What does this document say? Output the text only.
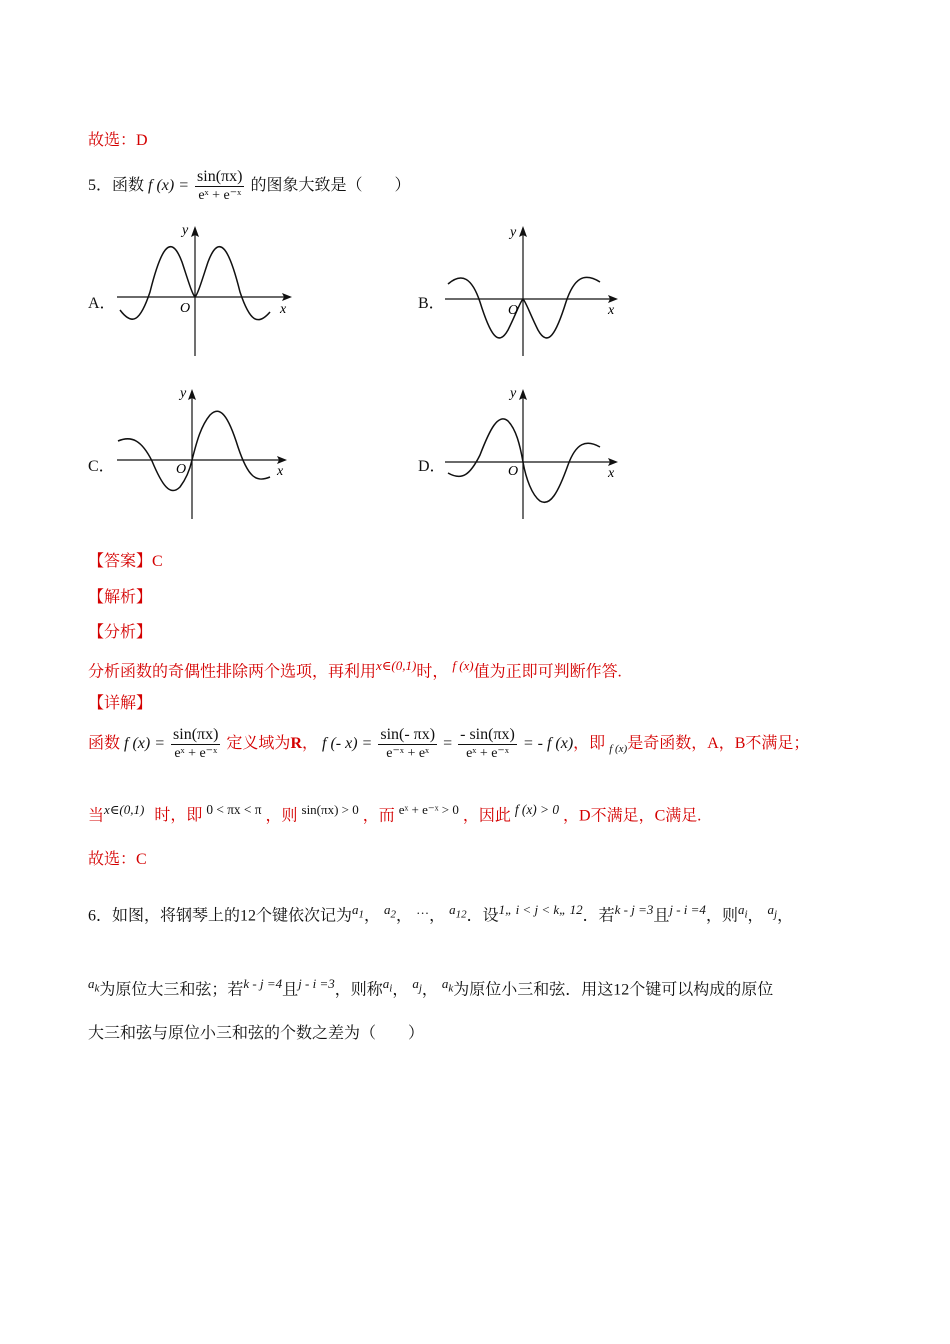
故选：D
5．函数 f $(x) = \frac{\sin(\pi x)}{\text{eˣ + e⁻ˣ}}$ 的图象大致是（　　）
A．	B．
C．	D．
y
x
O
y
x
O
y
x
O
y
x
O
【答案】C
【解析】
【分析】
分析函数的奇偶性排除两个选项，再利用$^{x\in(0,1)}$时， $^{f (x)}$值为正即可判断作答.
【详解】
函数 f $(x) = \frac{\sin(\pi x)}{\text{eˣ + e⁻ˣ}}$ 定义域为R， f (- $x) = \frac{\sin(- \pi x)}{\text{e⁻ˣ + eˣ}} = \frac{- \sin(\pi x)}{\text{eˣ + e⁻ˣ}}$ = - f (x)，即 $_{f (x)}$是奇函数，A，B不满足；
当$^{x\in(0,1)}$ 时，即 $^{0 < \pi x < \pi}$ ，则 $^{sin(\pi x) > 0}$ ，而 $^{eˣ + e^-ˣ > 0}$ ，因此 $^{f (x) > 0}$ ，D不满足，C满足.
故选：C
6．如图，将钢琴上的12个键依次记为$^{a_1}$， $^{a_2}$， …， $^{a_{12}}$．设$^{1„ i < j < k„ 12}$．若$^{k - j =3}$且$^{j - i =4}$，则$^{a_i}$， $^{a_j}$，
$^{a_k}$为原位大三和弦；若$^{k - j =4}$且$^{j - i =3}$，则称$^{a_i}$， $^{a_j}$， $^{a_k}$为原位小三和弦．用这12个键可以构成的原位
大三和弦与原位小三和弦的个数之差为（　　）
